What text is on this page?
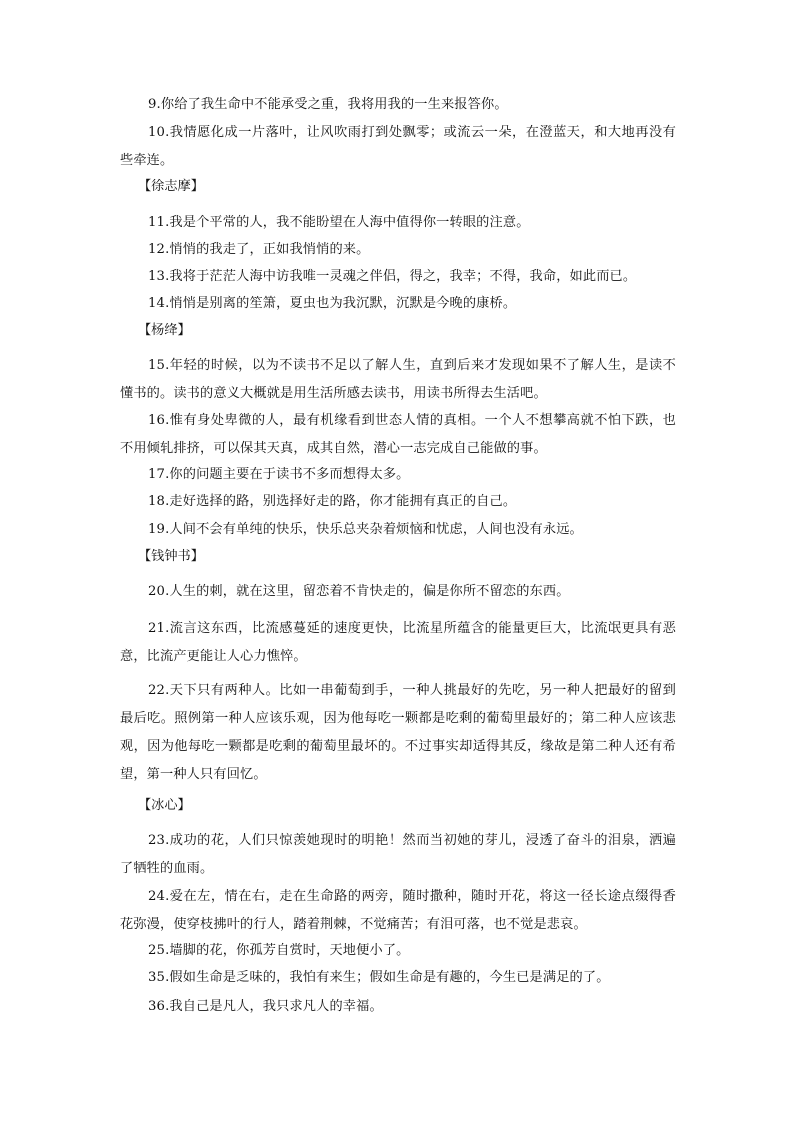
9.你给了我生命中不能承受之重，我将用我的一生来报答你。

10.我情愿化成一片落叶，让风吹雨打到处飘零；或流云一朵，在澄蓝天，和大地再没有些牵连。

【徐志摩】

11.我是个平常的人，我不能盼望在人海中值得你一转眼的注意。

12.悄悄的我走了，正如我悄悄的来。

13.我将于茫茫人海中访我唯一灵魂之伴侣，得之，我幸；不得，我命，如此而已。

14.悄悄是别离的笙箫，夏虫也为我沉默，沉默是今晚的康桥。

【杨绛】

15.年轻的时候，以为不读书不足以了解人生，直到后来才发现如果不了解人生，是读不懂书的。读书的意义大概就是用生活所感去读书，用读书所得去生活吧。

16.惟有身处卑微的人，最有机缘看到世态人情的真相。一个人不想攀高就不怕下跌，也不用倾轧排挤，可以保其天真，成其自然，潜心一志完成自己能做的事。

17.你的问题主要在于读书不多而想得太多。

18.走好选择的路，别选择好走的路，你才能拥有真正的自己。

19.人间不会有单纯的快乐，快乐总夹杂着烦恼和忧虑，人间也没有永远。

【钱钟书】

20.人生的刺，就在这里，留恋着不肯快走的，偏是你所不留恋的东西。

21.流言这东西，比流感蔓延的速度更快，比流星所蕴含的能量更巨大，比流氓更具有恶意，比流产更能让人心力憔悴。

22.天下只有两种人。比如一串葡萄到手，一种人挑最好的先吃，另一种人把最好的留到最后吃。照例第一种人应该乐观，因为他每吃一颗都是吃剩的葡萄里最好的；第二种人应该悲观，因为他每吃一颗都是吃剩的葡萄里最坏的。不过事实却适得其反，缘故是第二种人还有希望，第一种人只有回忆。

【冰心】

23.成功的花，人们只惊羡她现时的明艳！然而当初她的芽儿，浸透了奋斗的泪泉，洒遍了牺牲的血雨。

24.爱在左，情在右，走在生命路的两旁，随时撒种，随时开花，将这一径长途点缀得香花弥漫，使穿枝拂叶的行人，踏着荆棘，不觉痛苦；有泪可落，也不觉是悲哀。

25.墙脚的花，你孤芳自赏时，天地便小了。

35.假如生命是乏味的，我怕有来生；假如生命是有趣的，今生已是满足的了。

36.我自己是凡人，我只求凡人的幸福。
